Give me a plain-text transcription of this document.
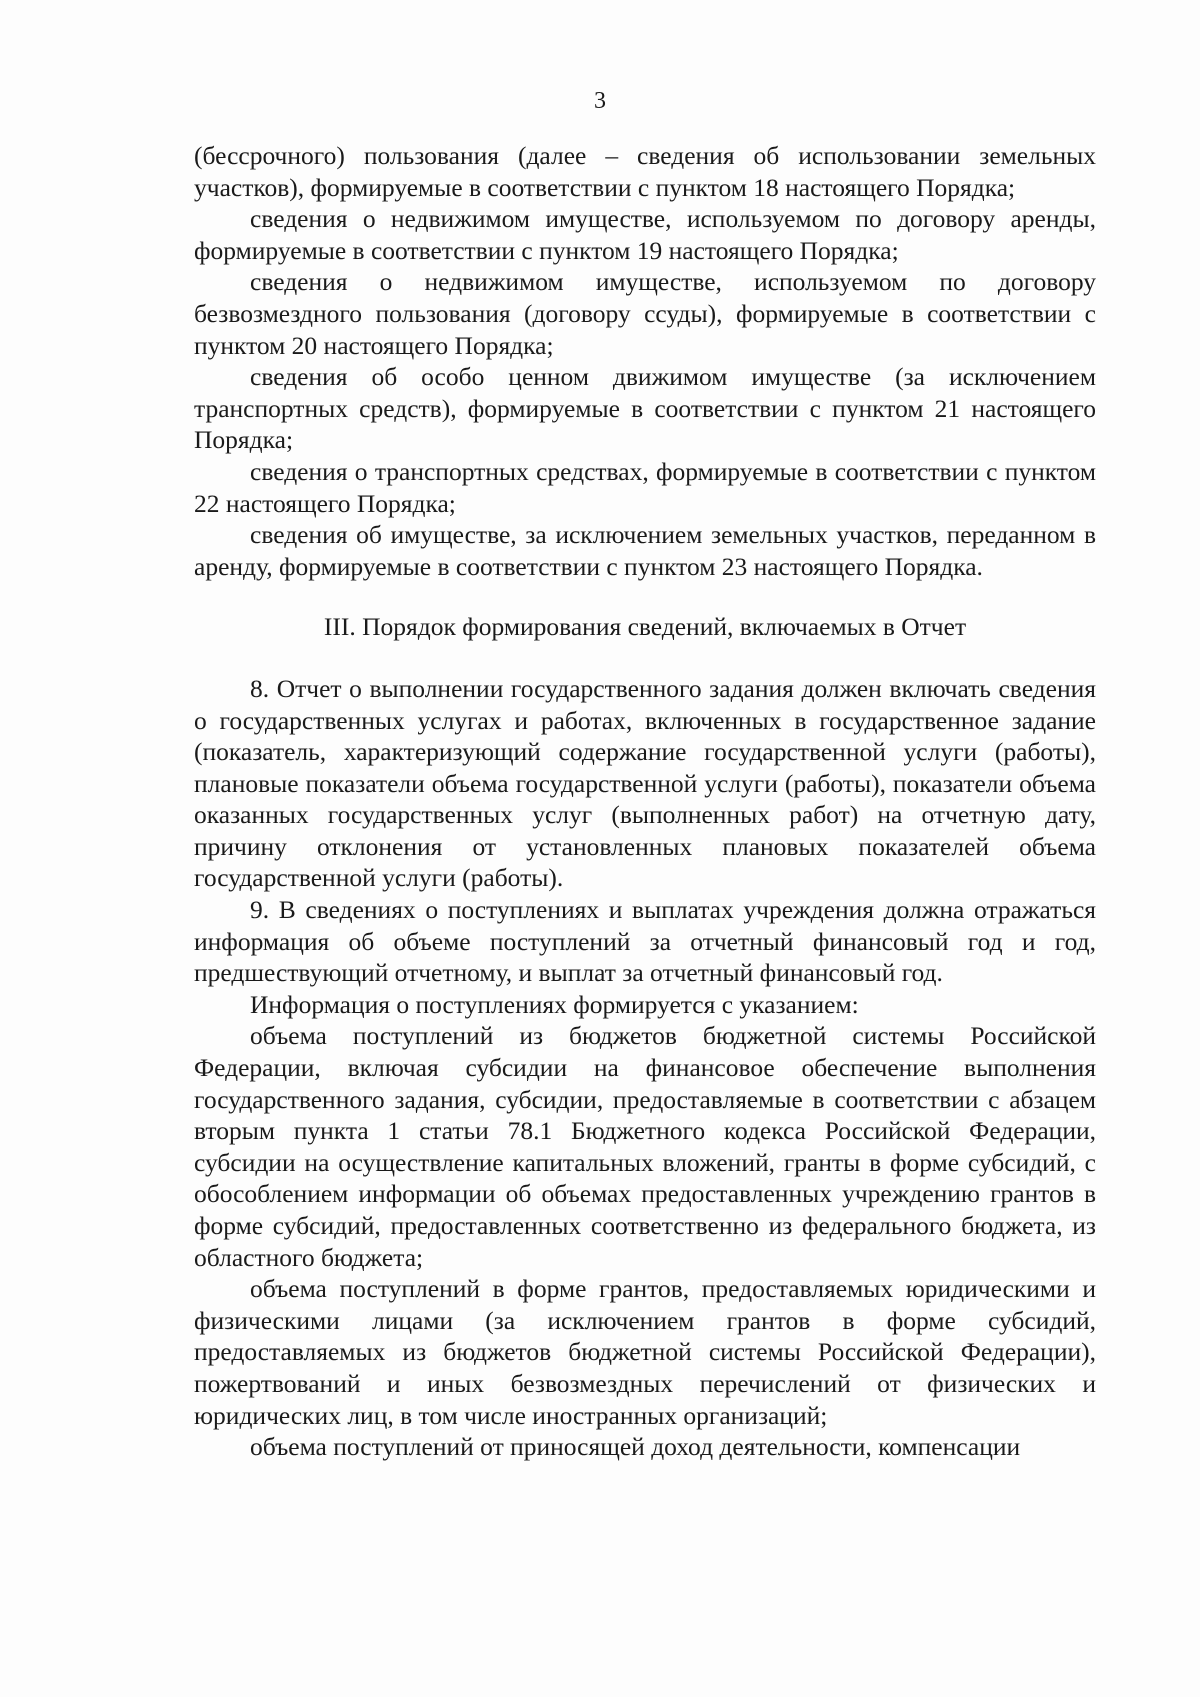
3

(бессрочного) пользования (далее – сведения об использовании земельных участков), формируемые в соответствии с пунктом 18 настоящего Порядка;

сведения о недвижимом имуществе, используемом по договору аренды, формируемые в соответствии с пунктом 19 настоящего Порядка;

сведения о недвижимом имуществе, используемом по договору безвозмездного пользования (договору ссуды), формируемые в соответствии с пунктом 20 настоящего Порядка;

сведения об особо ценном движимом имуществе (за исключением транспортных средств), формируемые в соответствии с пунктом 21 настоящего Порядка;

сведения о транспортных средствах, формируемые в соответствии с пунктом 22 настоящего Порядка;

сведения об имуществе, за исключением земельных участков, переданном в аренду, формируемые в соответствии с пунктом 23 настоящего Порядка.

III. Порядок формирования сведений, включаемых в Отчет

8. Отчет о выполнении государственного задания должен включать сведения о государственных услугах и работах, включенных в государственное задание (показатель, характеризующий содержание государственной услуги (работы), плановые показатели объема государственной услуги (работы), показатели объема оказанных государственных услуг (выполненных работ) на отчетную дату, причину отклонения от установленных плановых показателей объема государственной услуги (работы).

9. В сведениях о поступлениях и выплатах учреждения должна отражаться информация об объеме поступлений за отчетный финансовый год и год, предшествующий отчетному, и выплат за отчетный финансовый год.

Информация о поступлениях формируется с указанием:

объема поступлений из бюджетов бюджетной системы Российской Федерации, включая субсидии на финансовое обеспечение выполнения государственного задания, субсидии, предоставляемые в соответствии с абзацем вторым пункта 1 статьи 78.1 Бюджетного кодекса Российской Федерации, субсидии на осуществление капитальных вложений, гранты в форме субсидий, с обособлением информации об объемах предоставленных учреждению грантов в форме субсидий, предоставленных соответственно из федерального бюджета, из областного бюджета;

объема поступлений в форме грантов, предоставляемых юридическими и физическими лицами (за исключением грантов в форме субсидий, предоставляемых из бюджетов бюджетной системы Российской Федерации), пожертвований и иных безвозмездных перечислений от физических и юридических лиц, в том числе иностранных организаций;

объема поступлений от приносящей доход деятельности, компенсации
